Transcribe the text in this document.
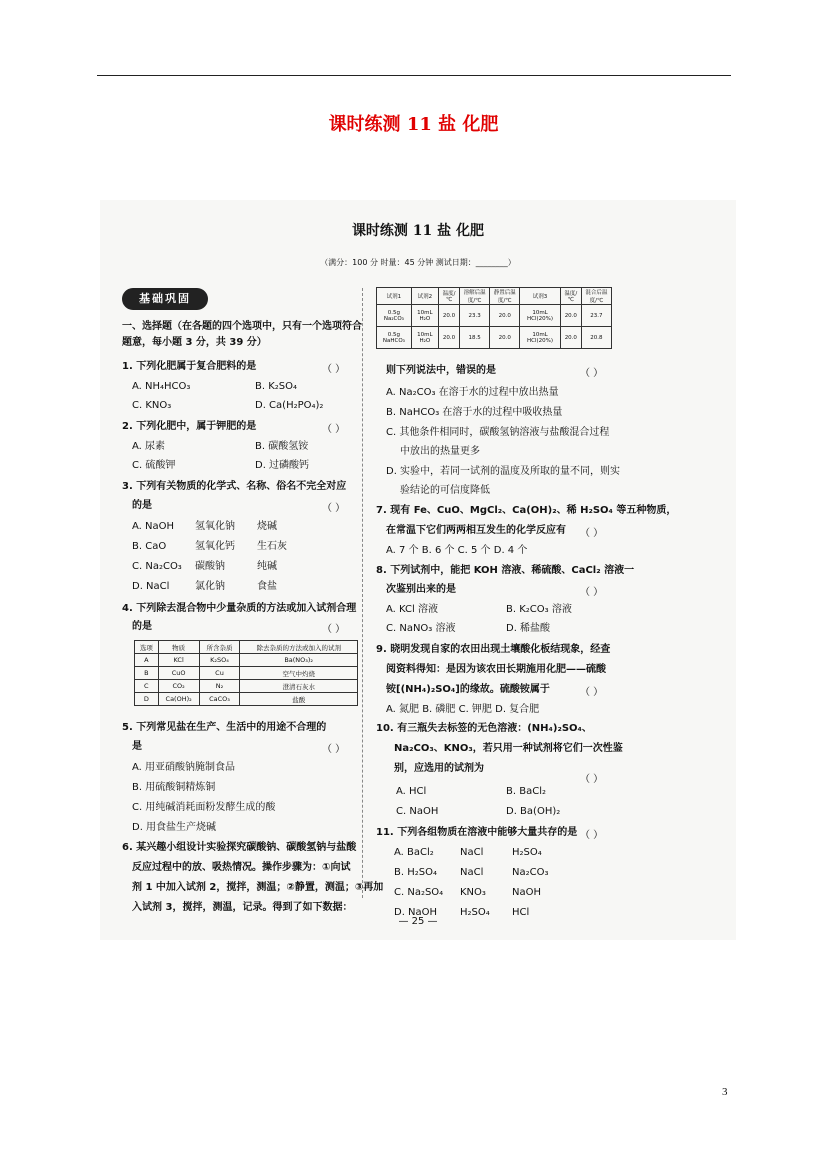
课时练测 11 盐 化肥
课时练测 11 盐 化肥
（满分：100 分 时量：45 分钟 测试日期：________）
基础巩固
一、选择题（在各题的四个选项中，只有一个选项符合
题意，每小题 3 分，共 39 分）
1. 下列化肥属于复合肥料的是	（ ）
A. NH₄HCO₃	B. K₂SO₄
C. KNO₃	D. Ca(H₂PO₄)₂
2. 下列化肥中，属于钾肥的是	（ ）
A. 尿素	B. 碳酸氢铵
C. 硫酸钾	D. 过磷酸钙
3. 下列有关物质的化学式、名称、俗名不完全对应
的是	（ ）
A. NaOH 氢氧化钠 烧碱
B. CaO	氢氧化钙 生石灰
C. Na₂CO₃ 碳酸钠	纯碱
D. NaCl	氯化钠	食盐
4. 下列除去混合物中少量杂质的方法或加入试剂合理
的是	（ ）
选项	物质	所含杂质	除去杂质的方法或加入的试剂
A	KCl	K₂SO₄	Ba(NO₃)₂
B	CuO	Cu	空气中灼烧
C	CO₂	N₂	澄清石灰水
D	Ca(OH)₂	CaCO₃	盐酸
5. 下列常见盐在生产、生活中的用途不合理的
是	（ ）
A. 用亚硝酸钠腌制食品
B. 用硫酸铜精炼铜
C. 用纯碱消耗面粉发酵生成的酸
D. 用食盐生产烧碱
6. 某兴趣小组设计实验探究碳酸钠、碳酸氢钠与盐酸
反应过程中的放、吸热情况。操作步骤为：①向试
剂 1 中加入试剂 2，搅拌，测温；②静置，测温；③再加
入试剂 3，搅拌，测温，记录。得到了如下数据：
试剂1	试剂2	温度/℃	溶解后温度/℃	静置后温度/℃	试剂3	温度/℃	混合后温度/℃
0.5g Na₂CO₃	10mL H₂O	20.0	23.3	20.0	10mL HCl(20%)	20.0	23.7
0.5g NaHCO₃	10mL H₂O	20.0	18.5	20.0	10mL HCl(20%)	20.0	20.8
则下列说法中，错误的是	（ ）
A. Na₂CO₃ 在溶于水的过程中放出热量
B. NaHCO₃ 在溶于水的过程中吸收热量
C. 其他条件相同时，碳酸氢钠溶液与盐酸混合过程
中放出的热量更多
D. 实验中，若同一试剂的温度及所取的量不同，则实
验结论的可信度降低
7. 现有 Fe、CuO、MgCl₂、Ca(OH)₂、稀 H₂SO₄ 等五种物质，
在常温下它们两两相互发生的化学反应有 （ ）
A. 7 个 B. 6 个 C. 5 个 D. 4 个
8. 下列试剂中，能把 KOH 溶液、稀硫酸、CaCl₂ 溶液一
次鉴别出来的是	（ ）
A. KCl 溶液	B. K₂CO₃ 溶液
C. NaNO₃ 溶液	D. 稀盐酸
9. 晓明发现自家的农田出现土壤酸化板结现象，经查
阅资料得知：是因为该农田长期施用化肥——硫酸
铵[(NH₄)₂SO₄]的缘故。硫酸铵属于	（ ）
A. 氮肥 B. 磷肥 C. 钾肥 D. 复合肥
10. 有三瓶失去标签的无色溶液：(NH₄)₂SO₄、
Na₂CO₃、KNO₃，若只用一种试剂将它们一次性鉴
别，应选用的试剂为
（ ）
A. HCl	B. BaCl₂
C. NaOH	D. Ba(OH)₂
11. 下列各组物质在溶液中能够大量共存的是 （ ）
A. BaCl₂	NaCl	H₂SO₄
B. H₂SO₄ NaCl	Na₂CO₃
C. Na₂SO₄ KNO₃	NaOH
D. NaOH H₂SO₄ HCl
— 25 —
3
